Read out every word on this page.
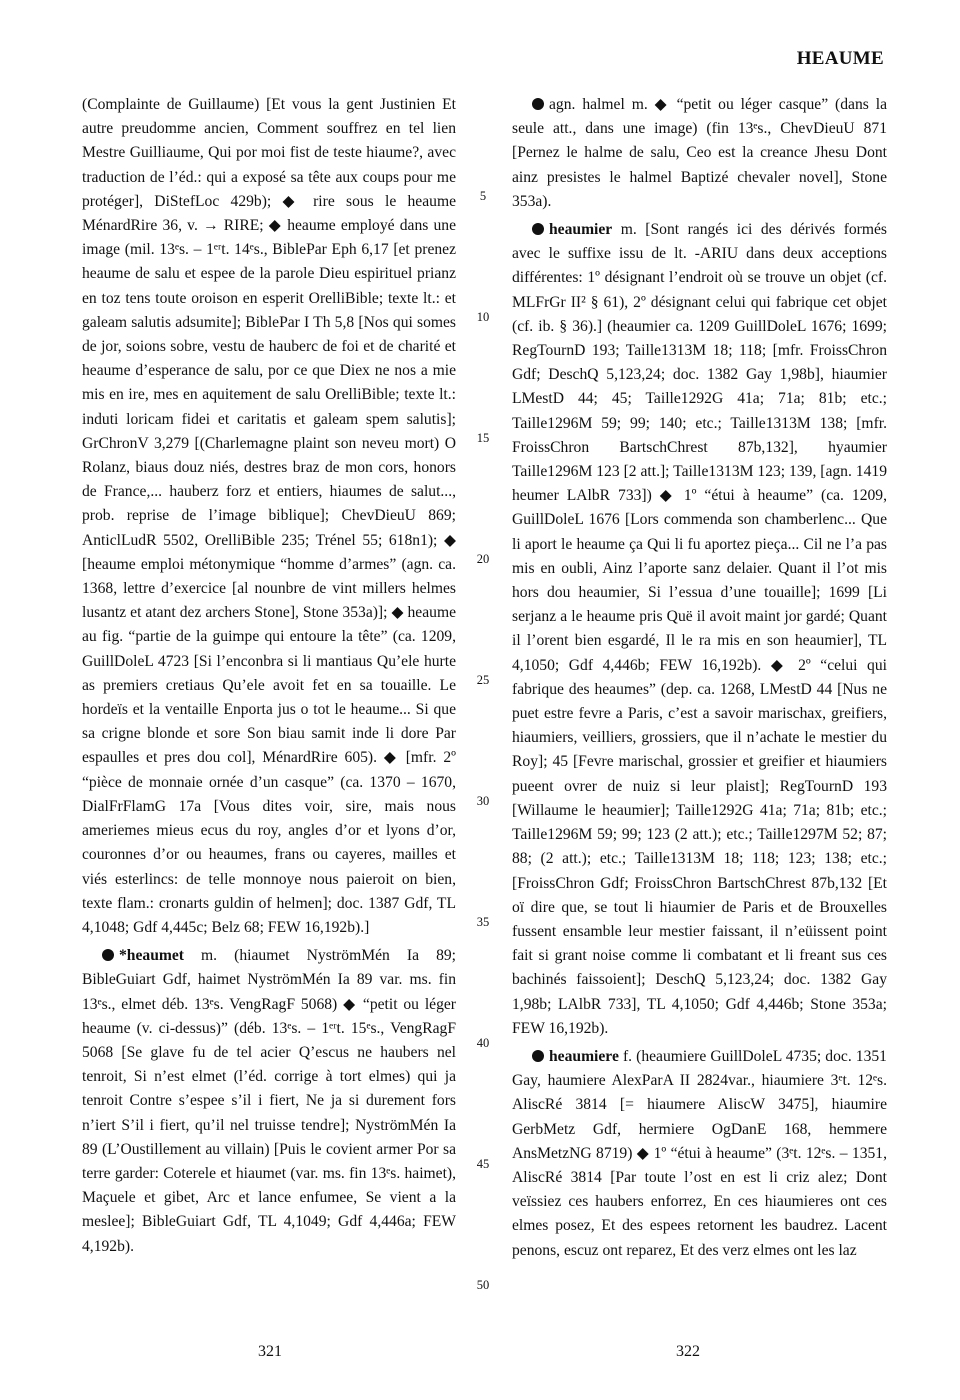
HEAUME

(Complainte de Guillaume) [Et vous la gent Justinien Et autre preudomme ancien, Comment souffrez en tel lien Mestre Guilliaume, Qui por moi fist de teste hiaume?, avec traduction de l’éd.: qui a exposé sa tête aux coups pour me protéger], DiStefLoc 429b); ◆ rire sous le heaume MénardRire 36, v. → RIRE; ◆ heaume employé dans une image (mil. 13ᵉs. – 1ᵉʳt. 14ᵉs., BiblePar Eph 6,17 [et prenez heaume de salu et espee de la parole Dieu espirituel prianz en toz tens toute oroison en esperit OrelliBible; texte lt.: et galeam salutis adsumite]; BiblePar I Th 5,8 [Nos qui somes de jor, soions sobre, vestu de hauberc de foi et de charité et heaume d’esperance de salu, por ce que Diex ne nos a mie mis en ire, mes en aquitement de salu OrelliBible; texte lt.: induti loricam fidei et caritatis et galeam spem salutis]; GrChronV 3,279 [(Charlemagne plaint son neveu mort) O Rolanz, biaus douz niés, destres braz de mon cors, honors de France,... hauberz forz et entiers, hiaumes de salut..., prob. reprise de l’image biblique]; ChevDieuU 869; AnticlLudR 5502, OrelliBible 235; Trénel 55; 618n1); ◆ [heaume emploi métonymique “homme d’armes” (agn. ca. 1368, lettre d’exercice [al nounbre de vint millers helmes lusantz et atant dez archers Stone], Stone 353a)]; ◆ heaume au fig. “partie de la guimpe qui entoure la tête” (ca. 1209, GuillDoleL 4723 [Si l’enconbra si li mantiaus Qu’ele hurte as premiers cretiaus Qu’ele avoit fet en sa touaille. Le hordeïs et la ventaille Enporta jus o tot le heaume... Si que sa crigne blonde et sore Son biau samit inde li dore Par espaulles et pres dou col], MénardRire 605). ◆ [mfr. 2º “pièce de monnaie ornée d’un casque” (ca. 1370 – 1670, DialFrFlamG 17a [Vous dites voir, sire, mais nous ameriemes mieus ecus du roy, angles d’or et lyons d’or, couronnes d’or ou heaumes, frans ou cayeres, mailles et viés esterlincs: de telle monnoye nous paieroit on bien, texte flam.: cronarts guldin of helmen]; doc. 1387 Gdf, TL 4,1048; Gdf 4,445c; Belz 68; FEW 16,192b).]

*heaumet m. (hiaumet NyströmMén Ia 89; BibleGuiart Gdf, haimet NyströmMén Ia 89 var. ms. fin 13ᵉs., elmet déb. 13ᵉs. VengRagF 5068) ◆ “petit ou léger heaume (v. ci-dessus)” (déb. 13ᵉs. – 1ᵉʳt. 15ᵉs., VengRagF 5068 [Se glave fu de tel acier Q’escus ne haubers nel tenroit, Si n’est elmet (l’éd. corrige à tort elmes) qui ja tenroit Contre s’espee s’il i fiert, Ne ja si durement fors n’iert S’il i fiert, qu’il nel truisse tendre]; NyströmMén Ia 89 (L’Oustillement au villain) [Puis le covient armer Por sa terre garder: Coterele et hiaumet (var. ms. fin 13ᵉs. haimet), Maçuele et gibet, Arc et lance enfumee, Se vient a la meslee]; BibleGuiart Gdf, TL 4,1049; Gdf 4,446a; FEW 4,192b).

5
10
15
20
25
30
35
40
45
50

agn. halmel m. ◆ “petit ou léger casque” (dans la seule att., dans une image) (fin 13ᵉs., ChevDieuU 871 [Pernez le halme de salu, Ceo est la creance Jhesu Dont ainz presistes le halmel Baptizé chevaler novel], Stone 353a).

heaumier m. [Sont rangés ici des dérivés formés avec le suffixe issu de lt. -ARIU dans deux acceptions différentes: 1º désignant l’endroit où se trouve un objet (cf. MLFrGr II² § 61), 2º désignant celui qui fabrique cet objet (cf. ib. § 36).] (heaumier ca. 1209 GuillDoleL 1676; 1699; RegTournD 193; Taille1313M 18; 118; [mfr. FroissChron Gdf; DeschQ 5,123,24; doc. 1382 Gay 1,98b], hiaumier LMestD 44; 45; Taille1292G 41a; 71a; 81b; etc.; Taille1296M 59; 99; 140; etc.; Taille1313M 138; [mfr. FroissChron BartschChrest 87b,132], hyaumier Taille1296M 123 [2 att.]; Taille1313M 123; 139, [agn. 1419 heumer LAlbR 733]) ◆ 1º “étui à heaume” (ca. 1209, GuillDoleL 1676 [Lors commenda son chamberlenc... Que li aport le heaume ça Qui li fu aportez pieça... Cil ne l’a pas mis en oubli, Ainz l’aporte sanz delaier. Quant il l’ot mis hors dou heaumier, Si l’essua d’une touaille]; 1699 [Li serjanz a le heaume pris Quë il avoit maint jor gardé; Quant il l’orent bien esgardé, Il le ra mis en son heaumier], TL 4,1050; Gdf 4,446b; FEW 16,192b). ◆ 2º “celui qui fabrique des heaumes” (dep. ca. 1268, LMestD 44 [Nus ne puet estre fevre a Paris, c’est a savoir marischax, greifiers, hiaumiers, veilliers, grossiers, que il n’achate le mestier du Roy]; 45 [Fevre marischal, grossier et greifier et hiaumiers pueent ovrer de nuiz si leur plaist]; RegTournD 193 [Willaume le heaumier]; Taille1292G 41a; 71a; 81b; etc.; Taille1296M 59; 99; 123 (2 att.); etc.; Taille1297M 52; 87; 88; (2 att.); etc.; Taille1313M 18; 118; 123; 138; etc.; [FroissChron Gdf; FroissChron BartschChrest 87b,132 [Et oï dire que, se tout li hiaumier de Paris et de Brouxelles fussent ensamble leur mestier faissant, il n’eüissent point fait si grant noise comme li combatant et li freant sus ces bachinés faissoient]; DeschQ 5,123,24; doc. 1382 Gay 1,98b; LAlbR 733], TL 4,1050; Gdf 4,446b; Stone 353a; FEW 16,192b).

heaumiere f. (heaumiere GuillDoleL 4735; doc. 1351 Gay, haumiere AlexParA II 2824var., hiaumiere 3ᵉt. 12ᵉs. AliscRé 3814 [= hiaumere AliscW 3475], hiaumire GerbMetz Gdf, hermiere OgDanE 168, hemmere AnsMetzNG 8719) ◆ 1º “étui à heaume” (3ᵉt. 12ᵉs. – 1351, AliscRé 3814 [Par toute l’ost en est li criz alez; Dont veïssiez ces haubers enforrez, En ces hiaumieres ont ces elmes posez, Et des espees retornent les baudrez. Lacent penons, escuz ont reparez, Et des verz elmes ont les laz

321	322
